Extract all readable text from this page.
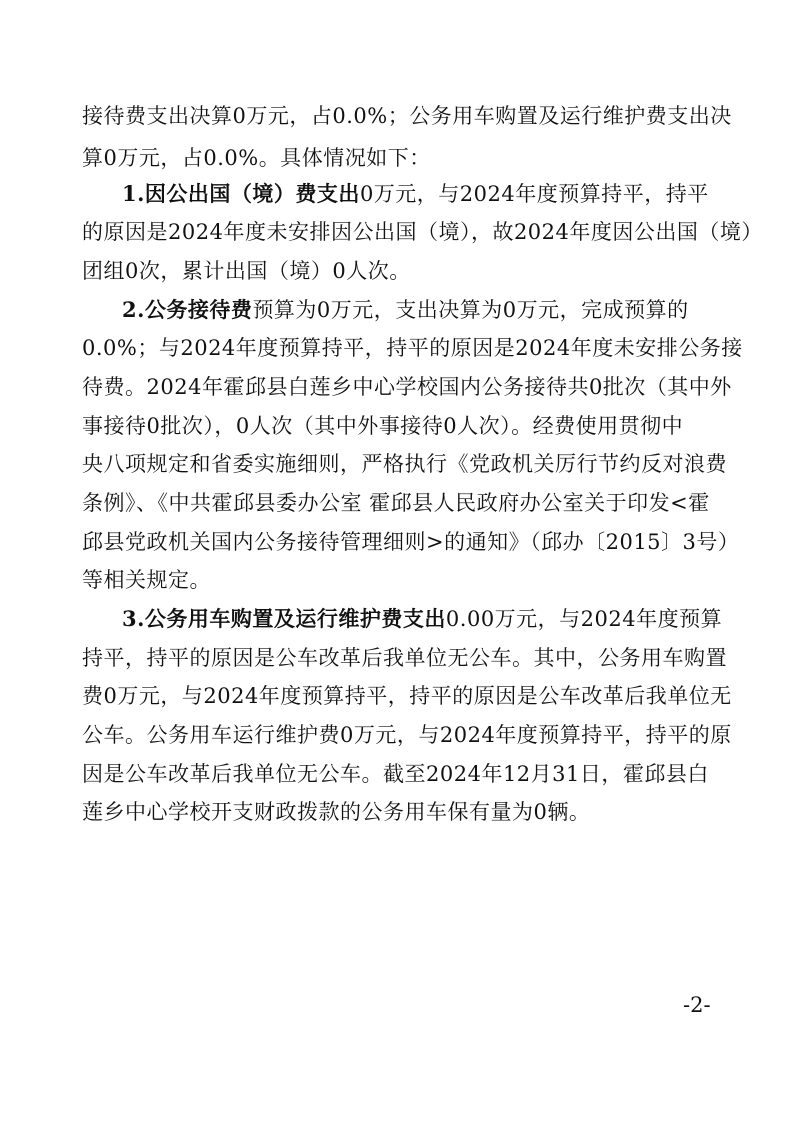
接待费支出决算0万元，占0.0%；公务用车购置及运行维护费支出决
算0万元，占0.0%。具体情况如下：
1.因公出国（境）费支出0万元，与2024年度预算持平，持平
的原因是2024年度未安排因公出国（境），故2024年度因公出国（境）
团组0次，累计出国（境）0人次。
2.公务接待费预算为0万元，支出决算为0万元，完成预算的
0.0%；与2024年度预算持平，持平的原因是2024年度未安排公务接
待费。2024年霍邱县白莲乡中心学校国内公务接待共0批次（其中外
事接待0批次），0人次（其中外事接待0人次）。经费使用贯彻中
央八项规定和省委实施细则，严格执行《党政机关厉行节约反对浪费
条例》、《中共霍邱县委办公室 霍邱县人民政府办公室关于印发<霍
邱县党政机关国内公务接待管理细则>的通知》（邱办〔2015〕3号）
等相关规定。
3.公务用车购置及运行维护费支出0.00万元，与2024年度预算
持平，持平的原因是公车改革后我单位无公车。其中，公务用车购置
费0万元，与2024年度预算持平，持平的原因是公车改革后我单位无
公车。公务用车运行维护费0万元，与2024年度预算持平，持平的原
因是公车改革后我单位无公车。截至2024年12月31日，霍邱县白
莲乡中心学校开支财政拨款的公务用车保有量为0辆。
-2-
